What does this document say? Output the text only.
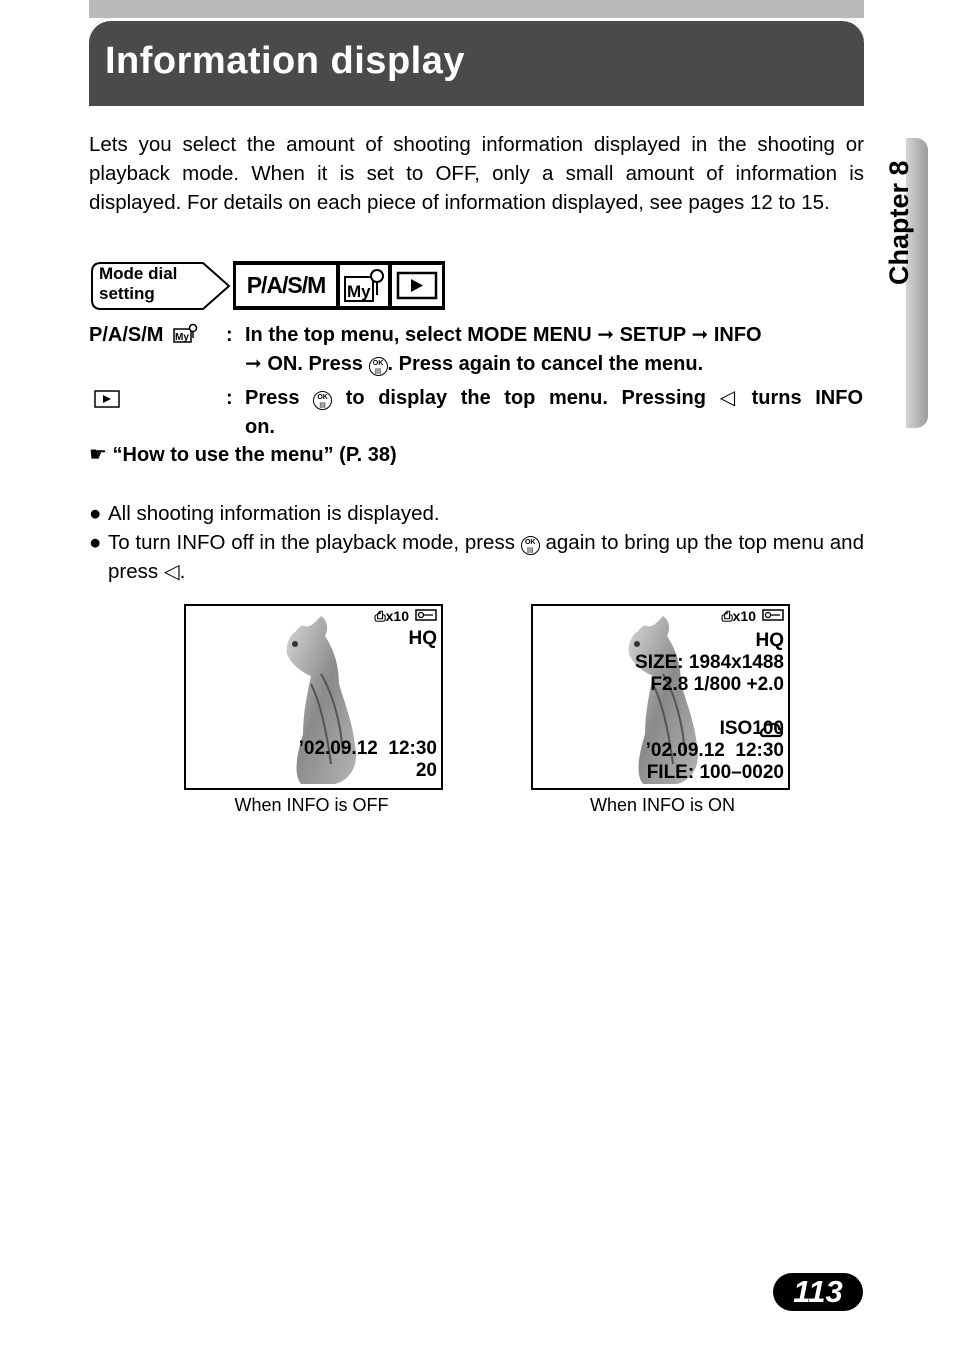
Information display
Chapter 8

Lets you select the amount of shooting information displayed in the shooting or playback mode. When it is set to OFF, only a small amount of information is displayed. For details on each piece of information displayed, see pages 12 to 15.

Mode dial
setting	P/A/S/M	My
P/A/S/M My : In the top menu, select MODE MENU ➞ SETUP ➞ INFO
➞ ON. Press OK
▤ . Press again to cancel the menu.
: Press	OK
▤ to display the top menu. Pressing ◁ turns INFO on.
☛ “How to use the menu” (P. 38)
● All shooting information is displayed.
● To turn INFO off in the playback mode, press OK
▤ again to bring up the top menu and press ◁.
⎙x10
HQ
’02.09.12  12:30
20
When INFO is OFF
⎙x10
HQ
SIZE: 1984x1488
F2.8 1/800 +2.0

ISO100
’02.09.12  12:30
FILE: 100–0020
When INFO is ON
113
